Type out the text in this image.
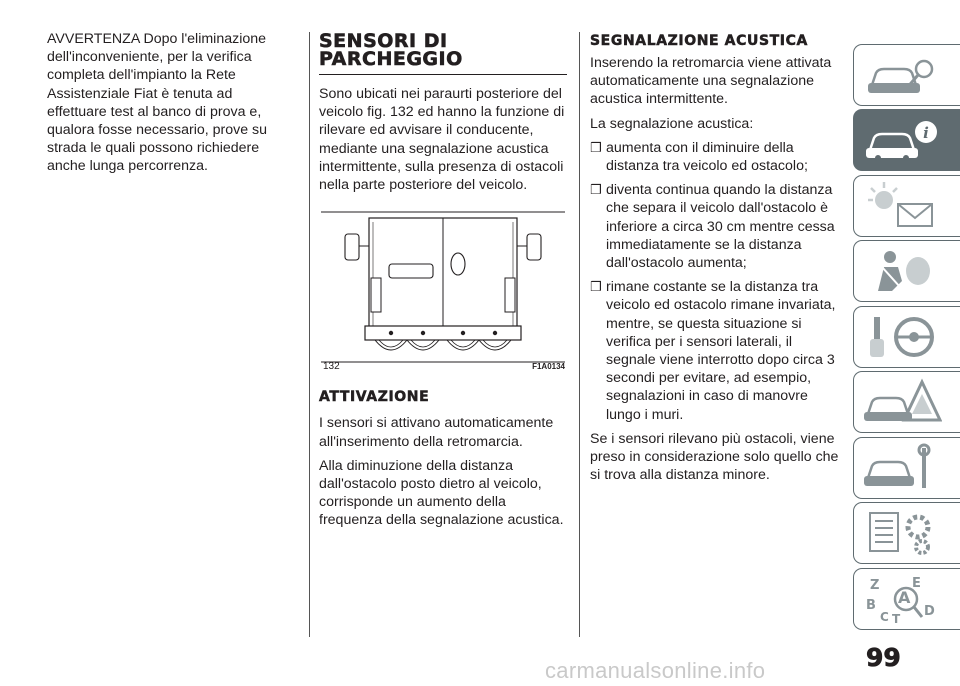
AVVERTENZA Dopo l'eliminazione dell'inconveniente, per la verifica completa dell'impianto la Rete Assistenziale Fiat è tenuta ad effettuare test al banco di prova e, qualora fosse necessario, prove su strada le quali possono richiedere anche lunga percorrenza.

SENSORI DI PARCHEGGIO

Sono ubicati nei paraurti posteriore del veicolo fig. 132 ed hanno la funzione di rilevare ed avvisare il conducente, mediante una segnalazione acustica intermittente, sulla presenza di ostacoli nella parte posteriore del veicolo.

132	F1A0134
ATTIVAZIONE

I sensori si attivano automaticamente all'inserimento della retromarcia.

Alla diminuzione della distanza dall'ostacolo posto dietro al veicolo, corrisponde un aumento della frequenza della segnalazione acustica.

SEGNALAZIONE ACUSTICA

Inserendo la retromarcia viene attivata automaticamente una segnalazione acustica intermittente.

La segnalazione acustica:

❒ aumenta con il diminuire della distanza tra veicolo ed ostacolo;
❒ diventa continua quando la distanza che separa il veicolo dall'ostacolo è inferiore a circa 30 cm mentre cessa immediatamente se la distanza dall'ostacolo aumenta;
❒ rimane costante se la distanza tra veicolo ed ostacolo rimane invariata, mentre, se questa situazione si verifica per i sensori laterali, il segnale viene interrotto dopo circa 3 secondi per evitare, ad esempio, segnalazioni in caso di manovre lungo i muri.

Se i sensori rilevano più ostacoli, viene preso in considerazione solo quello che si trova alla distanza minore.

i
Z	E
A
B
C T D
99
carmanualsonline.info
